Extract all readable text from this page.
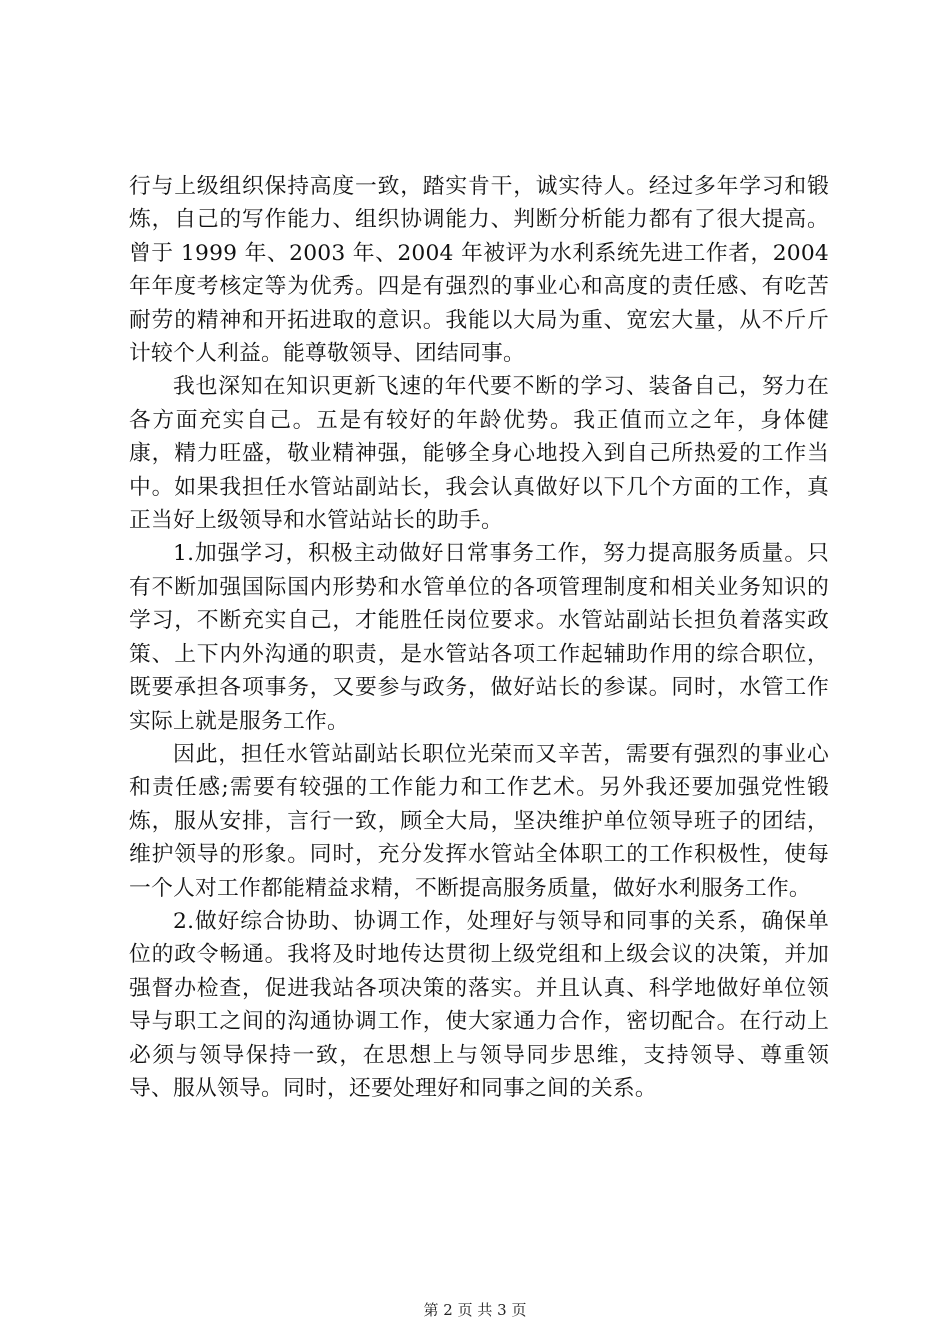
行与上级组织保持高度一致，踏实肯干，诚实待人。经过多年学习和锻炼，自己的写作能力、组织协调能力、判断分析能力都有了很大提高。曾于 1999 年、2003 年、2004 年被评为水利系统先进工作者，2004 年年度考核定等为优秀。四是有强烈的事业心和高度的责任感、有吃苦耐劳的精神和开拓进取的意识。我能以大局为重、宽宏大量，从不斤斤计较个人利益。能尊敬领导、团结同事。

我也深知在知识更新飞速的年代要不断的学习、装备自己，努力在各方面充实自己。五是有较好的年龄优势。我正值而立之年，身体健康，精力旺盛，敬业精神强，能够全身心地投入到自己所热爱的工作当中。如果我担任水管站副站长，我会认真做好以下几个方面的工作，真正当好上级领导和水管站站长的助手。

1.加强学习，积极主动做好日常事务工作，努力提高服务质量。只有不断加强国际国内形势和水管单位的各项管理制度和相关业务知识的学习，不断充实自己，才能胜任岗位要求。水管站副站长担负着落实政策、上下内外沟通的职责，是水管站各项工作起辅助作用的综合职位，既要承担各项事务，又要参与政务，做好站长的参谋。同时，水管工作实际上就是服务工作。

因此，担任水管站副站长职位光荣而又辛苦，需要有强烈的事业心和责任感;需要有较强的工作能力和工作艺术。另外我还要加强党性锻炼，服从安排，言行一致，顾全大局，坚决维护单位领导班子的团结，维护领导的形象。同时，充分发挥水管站全体职工的工作积极性，使每一个人对工作都能精益求精，不断提高服务质量，做好水利服务工作。

2.做好综合协助、协调工作，处理好与领导和同事的关系，确保单位的政令畅通。我将及时地传达贯彻上级党组和上级会议的决策，并加强督办检查，促进我站各项决策的落实。并且认真、科学地做好单位领导与职工之间的沟通协调工作，使大家通力合作，密切配合。在行动上必须与领导保持一致，在思想上与领导同步思维，支持领导、尊重领导、服从领导。同时，还要处理好和同事之间的关系。

第 2 页 共 3 页
